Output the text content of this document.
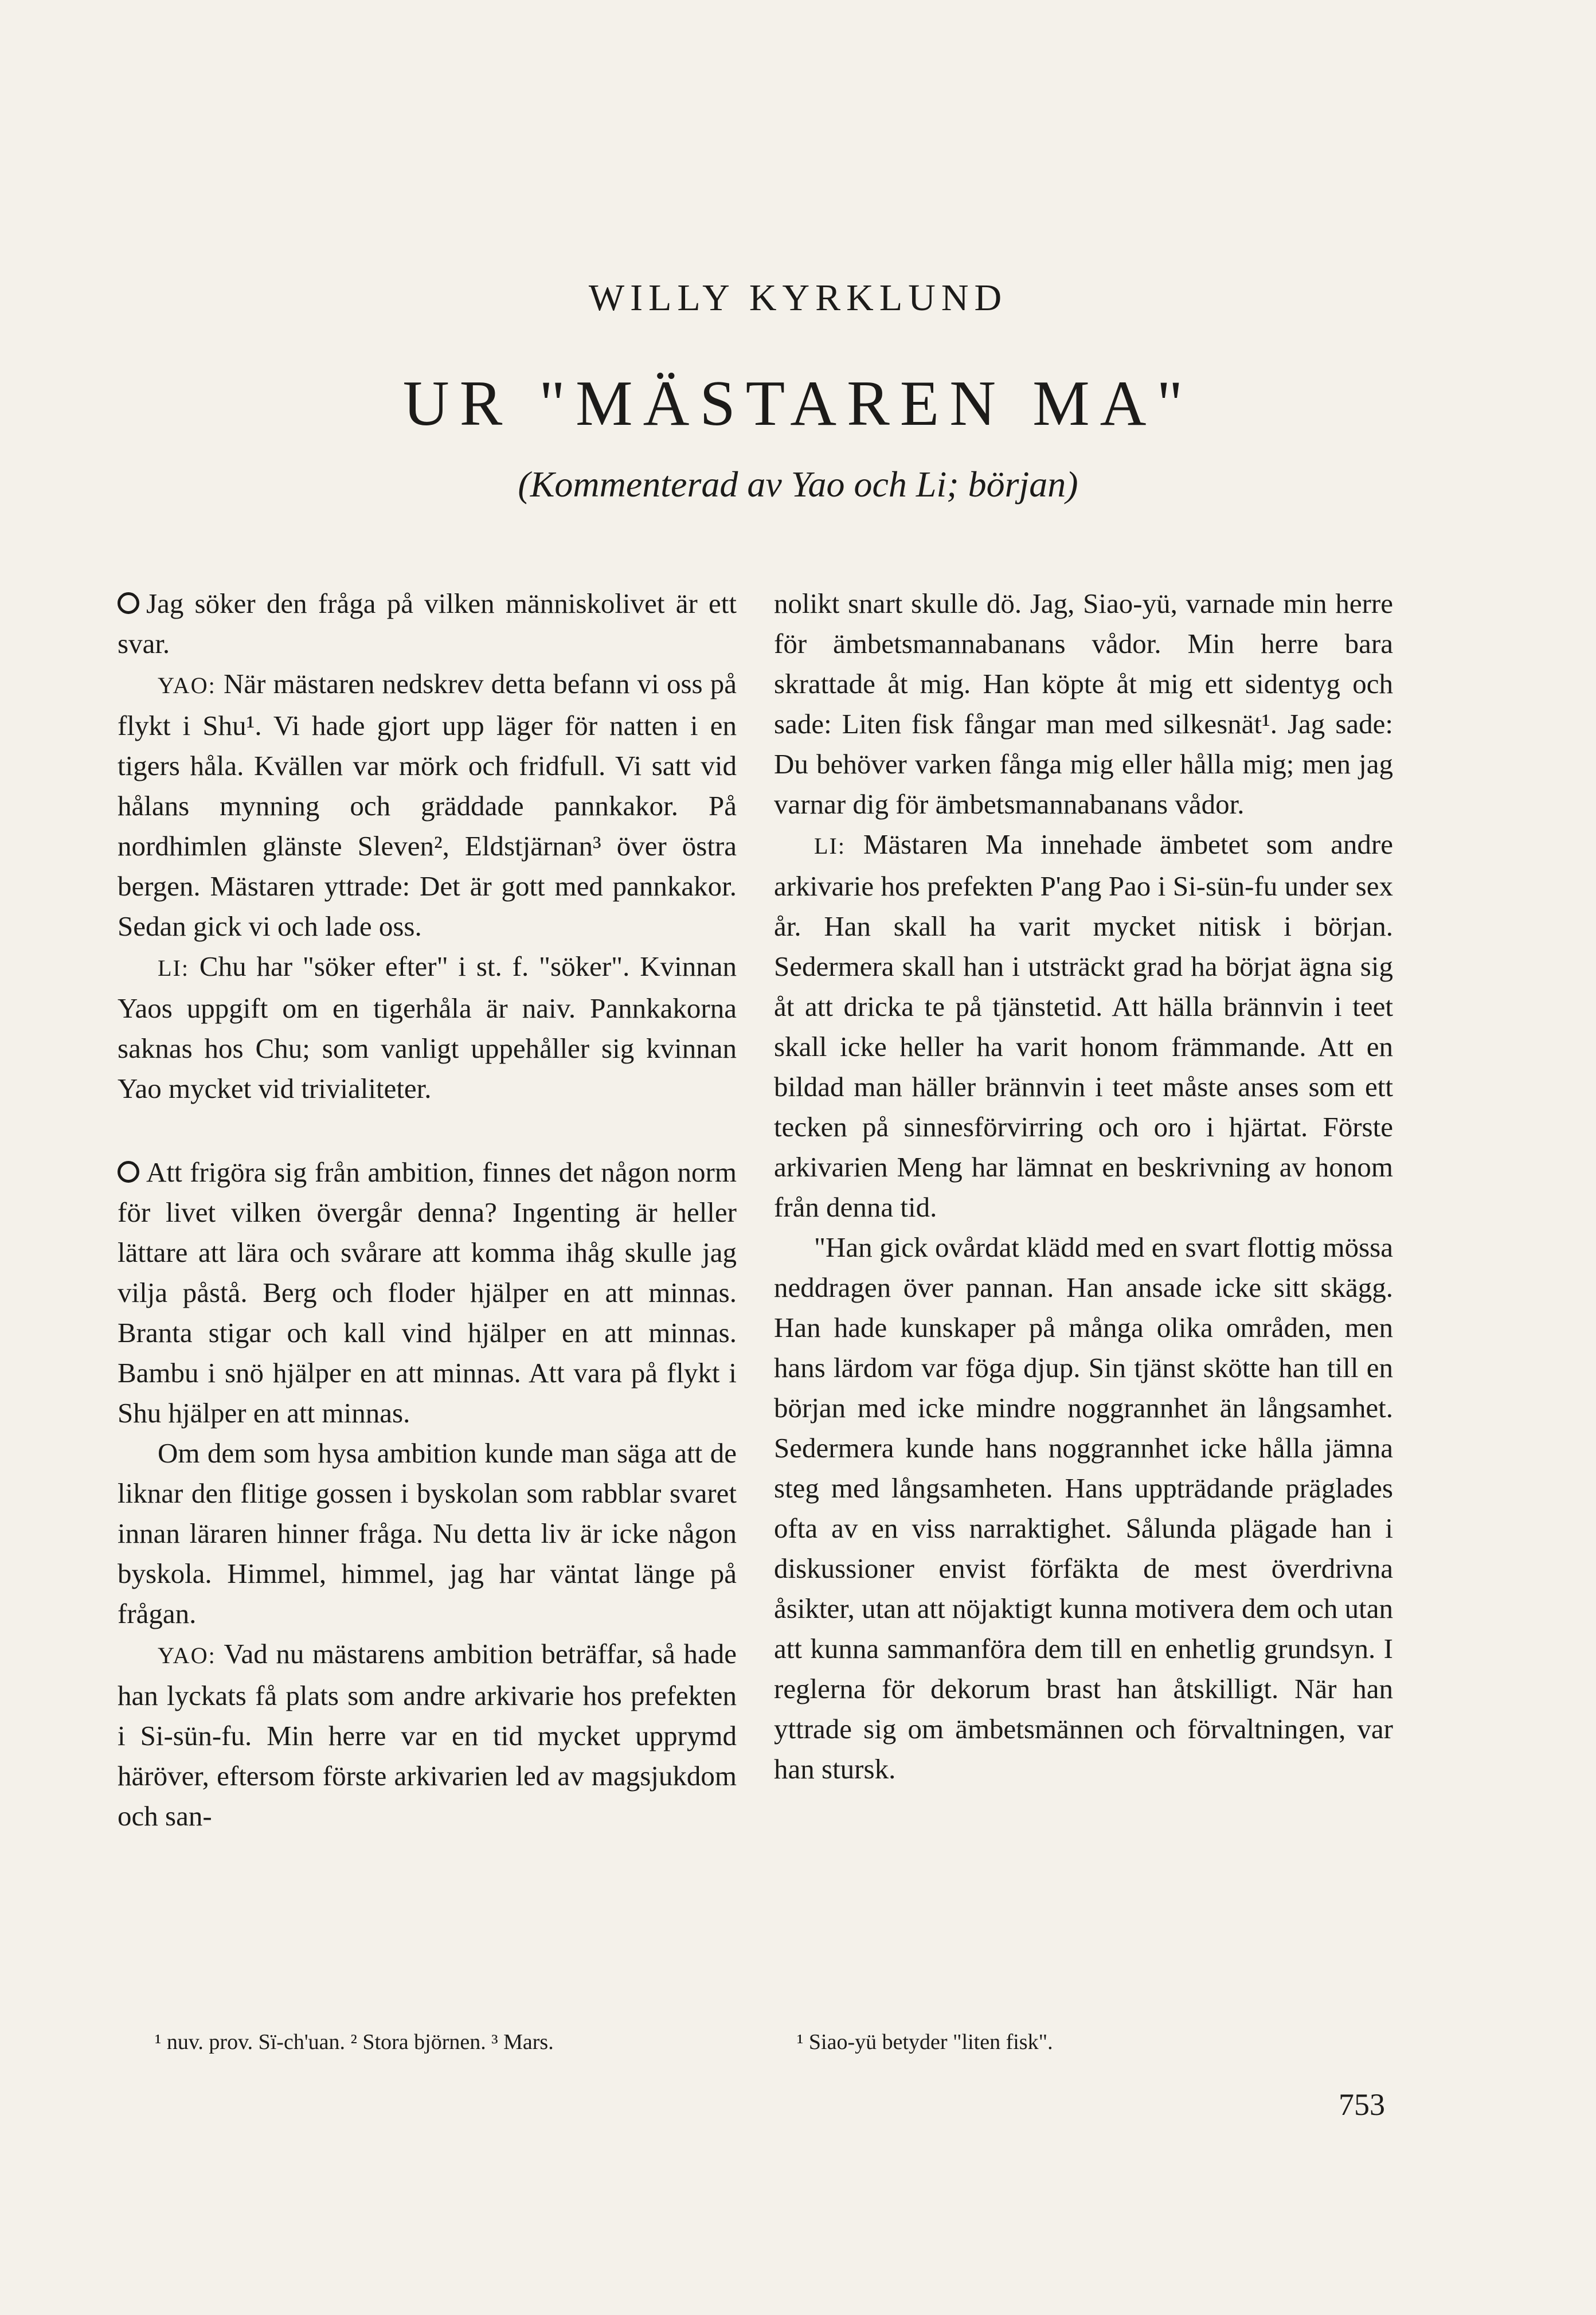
WILLY KYRKLUND
UR "MÄSTAREN MA"
(Kommenterad av Yao och Li; början)

Jag söker den fråga på vilken människolivet är ett svar.

YAO: När mästaren nedskrev detta befann vi oss på flykt i Shu¹. Vi hade gjort upp läger för natten i en tigers håla. Kvällen var mörk och fridfull. Vi satt vid hålans mynning och gräddade pannkakor. På nordhimlen glänste Sleven², Eldstjärnan³ över östra bergen. Mästaren yttrade: Det är gott med pannkakor. Sedan gick vi och lade oss.

LI: Chu har "söker efter" i st. f. "söker". Kvinnan Yaos uppgift om en tigerhåla är naiv. Pannkakorna saknas hos Chu; som vanligt uppehåller sig kvinnan Yao mycket vid trivialiteter.

Att frigöra sig från ambition, finnes det någon norm för livet vilken övergår denna? Ingenting är heller lättare att lära och svårare att komma ihåg skulle jag vilja påstå. Berg och floder hjälper en att minnas. Branta stigar och kall vind hjälper en att minnas. Bambu i snö hjälper en att minnas. Att vara på flykt i Shu hjälper en att minnas.

Om dem som hysa ambition kunde man säga att de liknar den flitige gossen i byskolan som rabblar svaret innan läraren hinner fråga. Nu detta liv är icke någon byskola. Himmel, himmel, jag har väntat länge på frågan.

YAO: Vad nu mästarens ambition beträffar, så hade han lyckats få plats som andre arkivarie hos prefekten i Si-sün-fu. Min herre var en tid mycket upprymd häröver, eftersom förste arkivarien led av magsjukdom och san-

nolikt snart skulle dö. Jag, Siao-yü, varnade min herre för ämbetsmannabanans vådor. Min herre bara skrattade åt mig. Han köpte åt mig ett sidentyg och sade: Liten fisk fångar man med silkesnät¹. Jag sade: Du behöver varken fånga mig eller hålla mig; men jag varnar dig för ämbetsmannabanans vådor.

LI: Mästaren Ma innehade ämbetet som andre arkivarie hos prefekten P'ang Pao i Si-sün-fu under sex år. Han skall ha varit mycket nitisk i början. Sedermera skall han i utsträckt grad ha börjat ägna sig åt att dricka te på tjänstetid. Att hälla brännvin i teet skall icke heller ha varit honom främmande. Att en bildad man häller brännvin i teet måste anses som ett tecken på sinnesförvirring och oro i hjärtat. Förste arkivarien Meng har lämnat en beskrivning av honom från denna tid.

"Han gick ovårdat klädd med en svart flottig mössa neddragen över pannan. Han ansade icke sitt skägg. Han hade kunskaper på många olika områden, men hans lärdom var föga djup. Sin tjänst skötte han till en början med icke mindre noggrannhet än långsamhet. Sedermera kunde hans noggrannhet icke hålla jämna steg med långsamheten. Hans uppträdande präglades ofta av en viss narraktighet. Sålunda plägade han i diskussioner envist förfäkta de mest överdrivna åsikter, utan att nöjaktigt kunna motivera dem och utan att kunna sammanföra dem till en enhetlig grundsyn. I reglerna för dekorum brast han åtskilligt. När han yttrade sig om ämbetsmännen och förvaltningen, var han stursk.

¹ nuv. prov. Sï-ch'uan. ² Stora björnen. ³ Mars.	¹ Siao-yü betyder "liten fisk".
753
